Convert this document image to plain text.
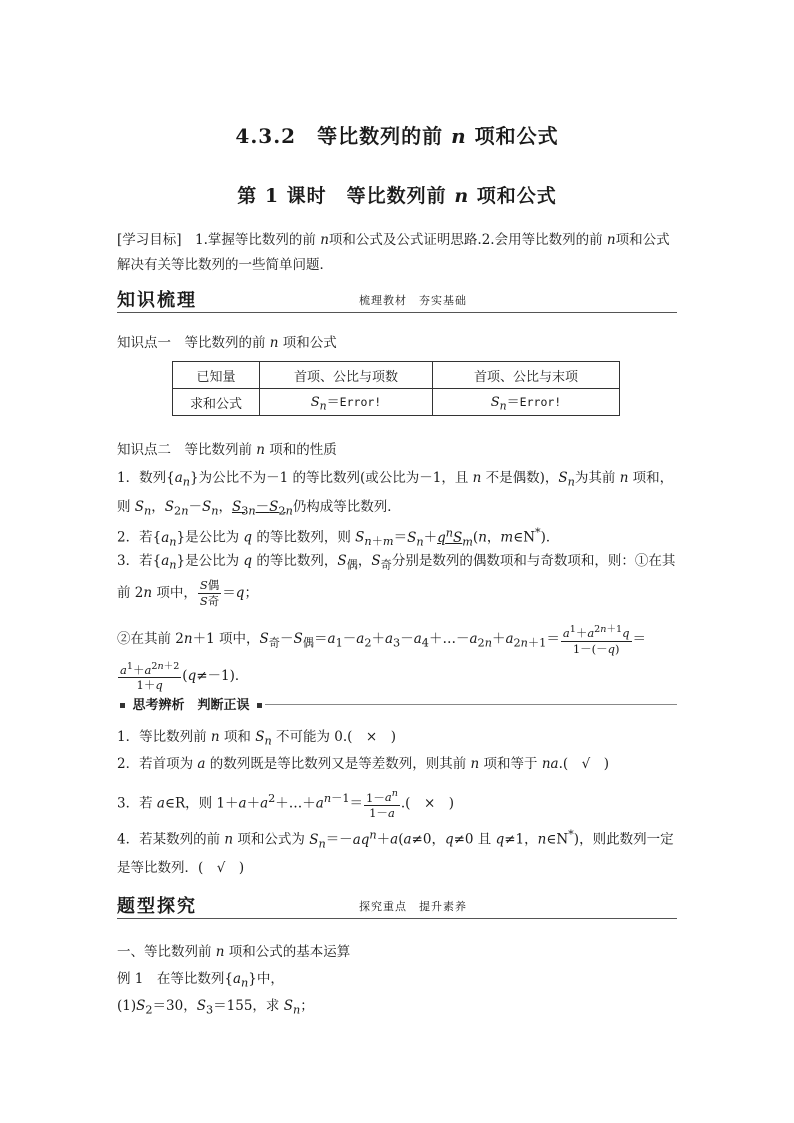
4.3.2　等比数列的前 n 项和公式
第 1 课时　等比数列前 n 项和公式
[学习目标]　1.掌握等比数列的前 n项和公式及公式证明思路.2.会用等比数列的前 n项和公式解决有关等比数列的一些简单问题．
知识梳理	梳理教材　夯实基础
知识点一　等比数列的前 n 项和公式
已知量	首项、公比与项数	首项、公比与末项
求和公式	$S_n=Error$!	$S_n=Error$!
知识点二　等比数列前 n 项和的性质
1．数列$\{a_n\}$为公比不为－1 的等比数列(或公比为－1，且 n 不是偶数)，$S_n$为其前 n 项和，则 $S_n$，$S_{2n}-S_n$，$S_{3n}-S_{2n}$仍构成等比数列．
2．若$\{a_n\}$是公比为 q 的等比数列，则 $S_{n+m}=S_n+q^nS_m(n$，m∈N*)．
3．若$\{a_n\}$是公比为 q 的等比数列，$S_偶$，$S_奇$分别是数列的偶数项和与奇数项和，则：①在其前 2n 项中， $\frac{\text{S偶}}{\text{S奇}} =q$；
②在其前 2n＋1 项中，$S_奇-S_偶=a_1-a_2+a_3-a_4+\dots-a_{2n}+a_{2n+1}= \frac{a^1+a^{2n+1}q}{1-(-q)}$ ＝
$\frac{a^1+a^{2n+2}}{1+q} (q\ne-1)$．
思考辨析　判断正误
1．等比数列前 n 项和 $S_n$ 不可能为 0.(　×　)
2．若首项为 a 的数列既是等比数列又是等差数列，则其前 n 项和等于 na.(　√　)
3．若 a∈R，则 $1+a+a^2+\dots+a^{n-1}= \frac{1-a^n}{1-a}$ .(　×　)
4．若某数列的前 n 项和公式为 $S_n=-aq^n+a(a\ne 0$，q≠0 且 q≠1，n∈N*)，则此数列一定是等比数列．(　√　)
题型探究	探究重点　提升素养
一、等比数列前 n 项和公式的基本运算
例 1　在等比数列$\{a_n\}$中，
$(1)S_2=30$，$S_3=155$，求 $S_n$；
